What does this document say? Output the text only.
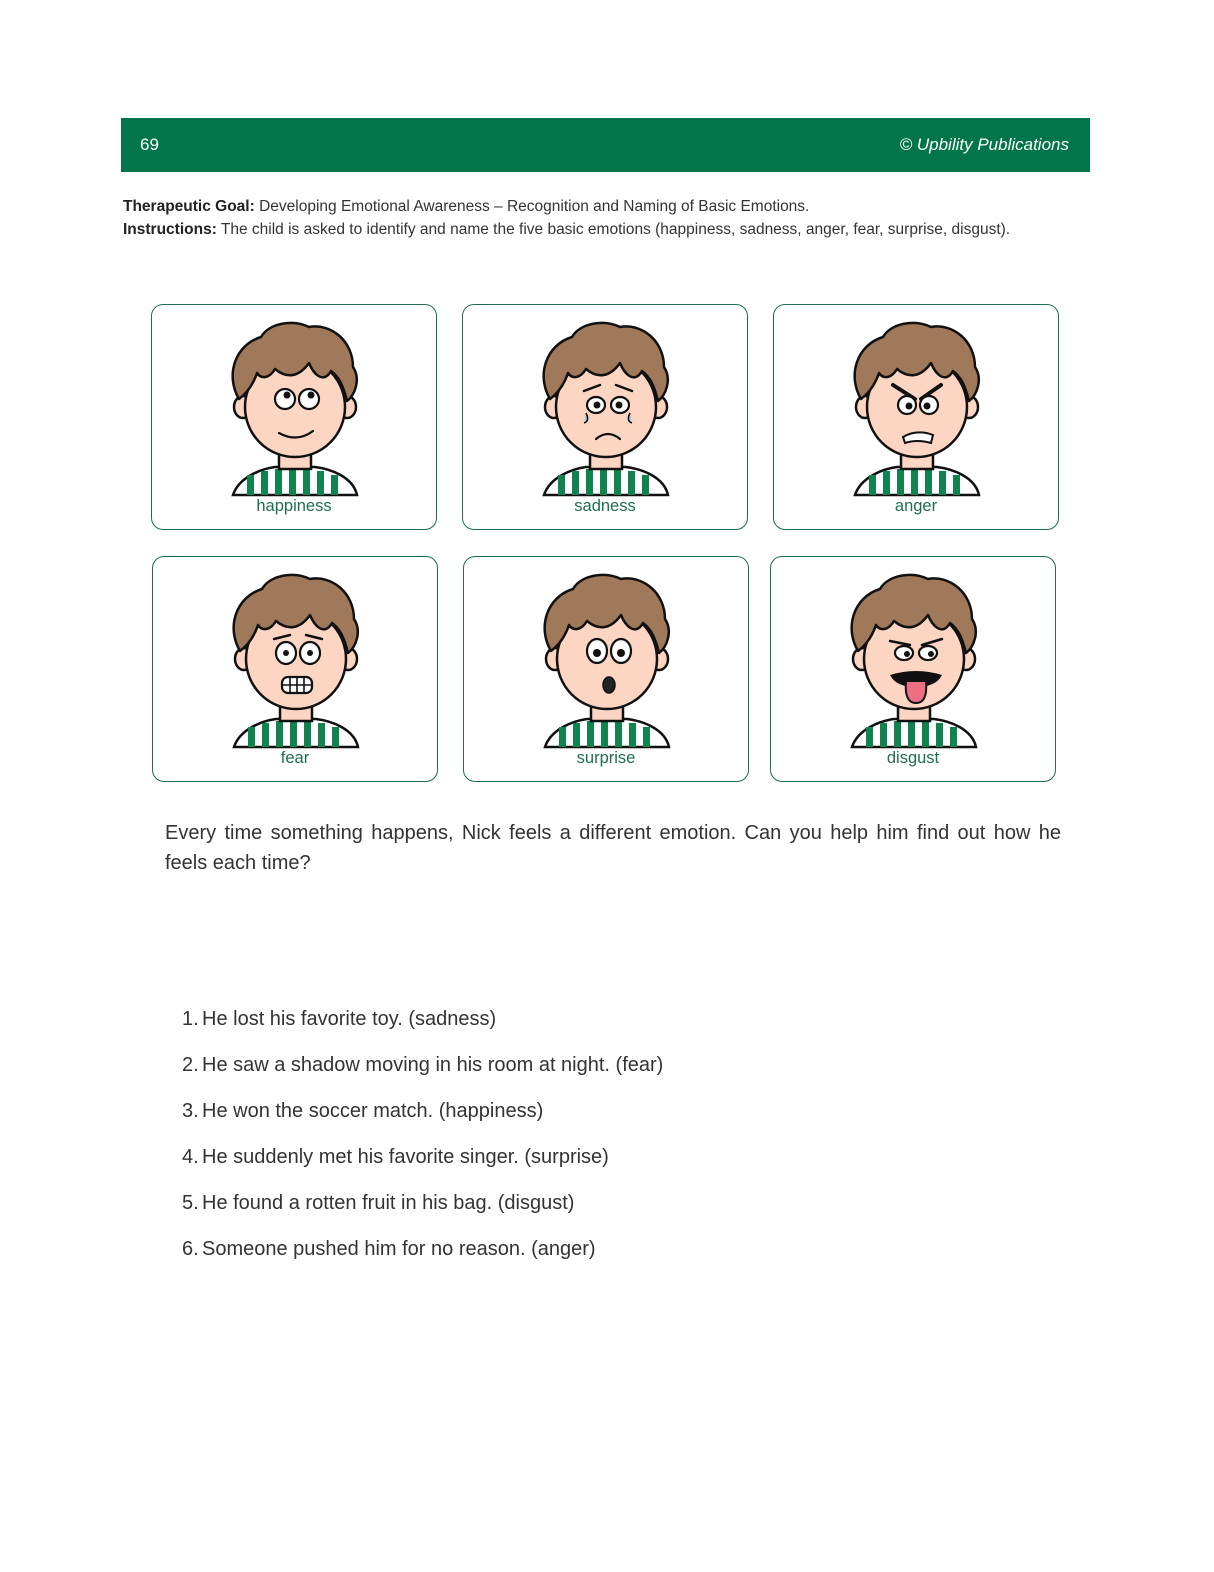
69	© Upbility Publications
Therapeutic Goal: Developing Emotional Awareness – Recognition and Naming of Basic Emotions.
Instructions: The child is asked to identify and name the five basic emotions (happiness, sadness, anger, fear, surprise, disgust).
happiness	sadness	anger
fear	surprise	disgust
Every time something happens, Nick feels a different emotion. Can you help him find out how he feels each time?
1. He lost his favorite toy. (sadness)
2. He saw a shadow moving in his room at night. (fear)
3. He won the soccer match. (happiness)
4. He suddenly met his favorite singer. (surprise)
5. He found a rotten fruit in his bag. (disgust)
6. Someone pushed him for no reason. (anger)
